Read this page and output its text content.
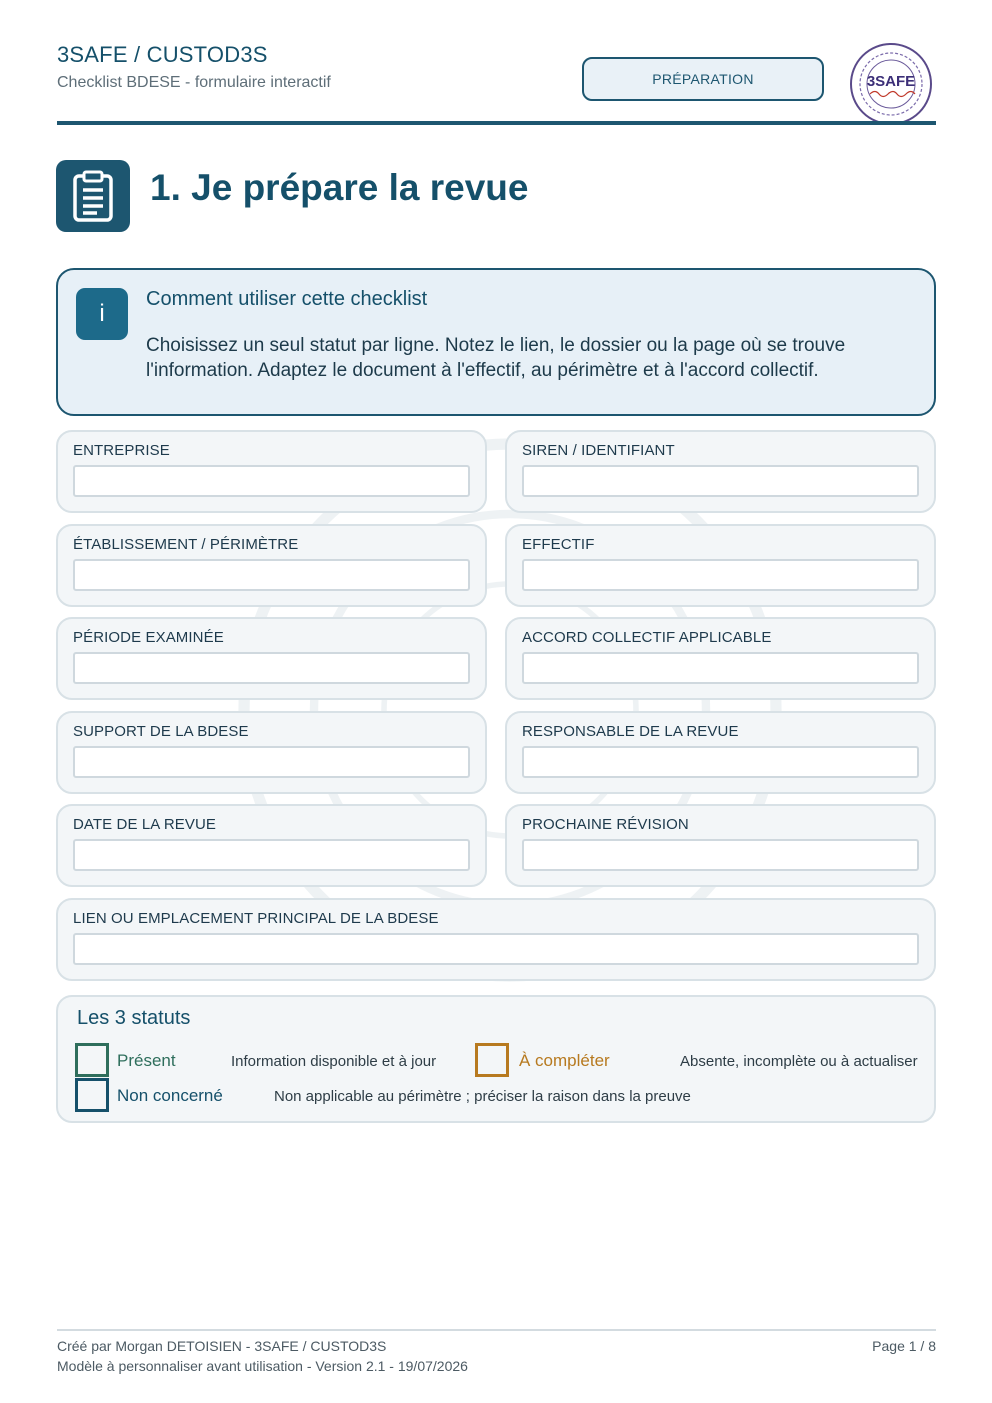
3SAFE / CUSTOD3S
Checklist BDESE - formulaire interactif	PRÉPARATION	3SAFE
1. Je prépare la revue
i
Comment utiliser cette checklist
Choisissez un seul statut par ligne. Notez le lien, le dossier ou la page où se trouve l'information. Adaptez le document à l'effectif, au périmètre et à l'accord collectif.
ENTREPRISE	SIREN / IDENTIFIANT
ÉTABLISSEMENT / PÉRIMÈTRE	EFFECTIF
PÉRIODE EXAMINÉE	ACCORD COLLECTIF APPLICABLE
SUPPORT DE LA BDESE	RESPONSABLE DE LA REVUE
DATE DE LA REVUE	PROCHAINE RÉVISION
LIEN OU EMPLACEMENT PRINCIPAL DE LA BDESE
Les 3 statuts
Présent	Information disponible et à jour	À compléter	Absente, incomplète ou à actualiser
Non concerné	Non applicable au périmètre ; préciser la raison dans la preuve
Créé par Morgan DETOISIEN - 3SAFE / CUSTOD3S
Modèle à personnaliser avant utilisation - Version 2.1 - 19/07/2026
Page 1 / 8
